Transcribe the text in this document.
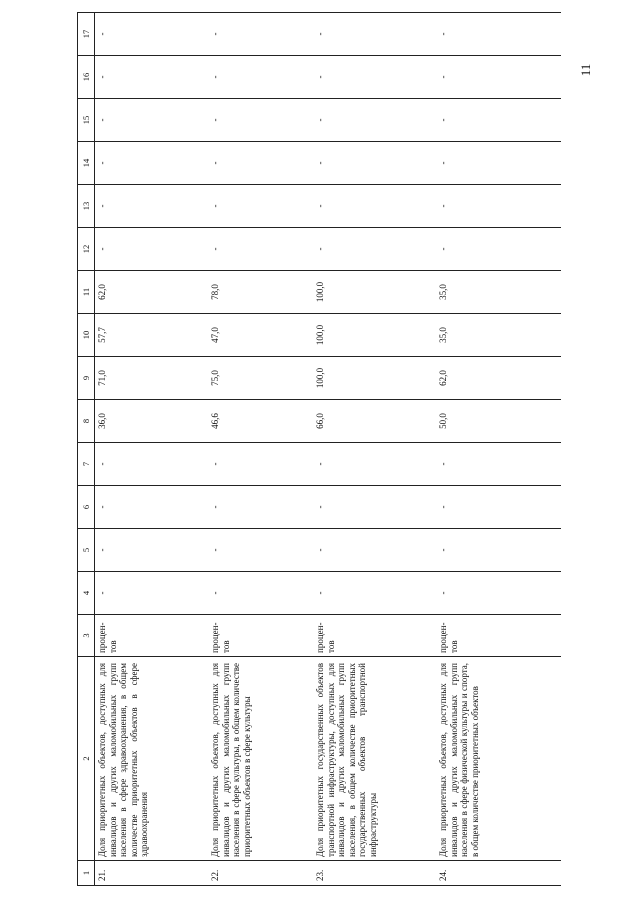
11
1	2	3	4	5	6	7	8	9	10	11	12	13	14	15	16	17
21.	Доля приоритетных объектов, доступных для инвалидов и других маломобильных групп населения в сфере здравоохранения, в общем количестве приоритетных объектов в сфере здравоохранения	процен-тов	-	-	-	-	36,0	71,0	57,7	62,0	-	-	-	-	-	-
22.	Доля приоритетных объектов, доступных для инвалидов и других маломобильных групп населения в сфере культуры, в общем количестве приоритетных объектов в сфере культуры	процен-тов	-	-	-	-	46,6	75,0	47,0	78,0	-	-	-	-	-	-
23.	Доля приоритетных государственных объектов транспортной инфраструктуры, доступных для инвалидов и других маломобильных групп населения, в общем количестве приоритетных государственных объектов транспортной инфраструктуры	процен-тов	-	-	-	-	66,0	100,0	100,0	100,0	-	-	-	-	-	-
24.	Доля приоритетных объектов, доступных для инвалидов и других маломобильных групп населения в сфере физической культуры и спорта, в общем количестве приоритетных объектов	процен-тов	-	-	-	-	50,0	62,0	35,0	35,0	-	-	-	-	-	-
